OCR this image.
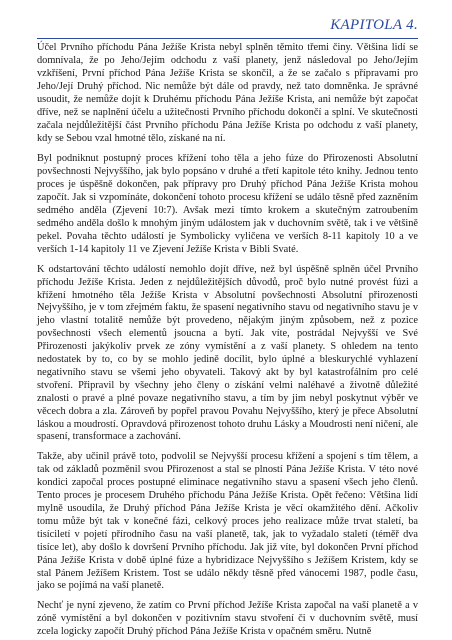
KAPITOLA 4.

Účel Prvního příchodu Pána Ježíše Krista nebyl splněn těmito třemi činy. Většina lidí se domnívala, že po Jeho/Jejím odchodu z vaší planety, jenž následoval po Jeho/Jejím vzkříšení, První příchod Pána Ježíše Krista se skončil, a že se začalo s přípravami pro Jeho/Její Druhý příchod. Nic nemůže být dále od pravdy, než tato domněnka. Je správné usoudit, že nemůže dojít k Druhému příchodu Pána Ježíše Krista, ani nemůže být započat dříve, než se naplnění účelu a užitečnosti Prvního příchodu dokončí a splní. Ve skutečnosti začala nejdůležitější část Prvního příchodu Pána Ježíše Krista po odchodu z vaší planety, kdy se Sebou vzal hmotné tělo, získané na ní.

Byl podniknut postupný proces křížení toho těla a jeho fúze do Přirozenosti Absolutní povšechnosti Nejvyššího, jak bylo popsáno v druhé a třetí kapitole této knihy. Jednou tento proces je úspěšně dokončen, pak přípravy pro Druhý příchod Pána Ježíše Krista mohou započít. Jak si vzpomínáte, dokončení tohoto procesu křížení se událo těsně před zazněním sedmého anděla (Zjevení 10:7). Avšak mezi tímto krokem a skutečným zatroubením sedmého anděla došlo k mnohým jiným událostem jak v duchovním světě, tak i ve většině pekel. Povaha těchto událostí je Symbolicky vyličena ve verších 8-11 kapitoly 10 a ve verších 1-14 kapitoly 11 ve Zjevení Ježíše Krista v Bibli Svaté.

K odstartování těchto událostí nemohlo dojít dříve, než byl úspěšně splněn účel Prvního příchodu Ježíše Krista. Jeden z nejdůležitějších důvodů, proč bylo nutné provést fúzi a křížení hmotného těla Ježíše Krista v Absolutní povšechnosti Absolutní přirozenosti Nejvyššího, je v tom zřejmém faktu, že spasení negativního stavu od negativního stavu je v jeho vlastní totalitě nemůže být provedeno, nějakým jiným způsobem, než z pozice povšechnosti všech elementů jsoucna a bytí. Jak víte, postrádal Nejvyšší ve Své Přirozenosti jakýkoliv prvek ze zóny vymístění a z vaší planety. S ohledem na tento nedostatek by to, co by se mohlo jedině docílit, bylo úplné a bleskurychlé vyhlazení negativního stavu se všemi jeho obyvateli. Takový akt by byl katastrofálním pro celé stvoření. Připravil by všechny jeho členy o získání velmi naléhavé a životně důležité znalosti o pravé a plné povaze negativního stavu, a tím by jim nebyl poskytnut výběr ve věcech dobra a zla. Zároveň by popřel pravou Povahu Nejvyššího, který je přece Absolutní láskou a moudrostí. Opravdová přirozenost tohoto druhu Lásky a Moudrosti není ničení, ale spasení, transformace a zachování.

Takže, aby učinil právě toto, podvolil se Nejvyšší procesu křížení a spojení s tím tělem, a tak od základů pozměnil svou Přirozenost a stal se plností Pána Ježíše Krista. V této nové kondici započal proces postupné eliminace negativního stavu a spasení všech jeho členů. Tento proces je procesem Druhého příchodu Pána Ježíše Krista. Opět řečeno: Většina lidí mylně usoudila, že Druhý příchod Pána Ježíše Krista je věcí okamžitého dění. Ačkoliv tomu může být tak v konečné fázi, celkový proces jeho realizace může trvat staletí, ba tisíciletí v pojetí přírodního času na vaší planetě, tak, jak to vyžadalo staletí (téměř dva tisíce let), aby došlo k dovršení Prvního příchodu. Jak již víte, byl dokončen První příchod Pána Ježíše Krista v době úplné fúze a hybridizace Nejvyššího s Ježíšem Kristem, kdy se stal Pánem Ježíšem Kristem. Tost se událo někdy těsně před vánocemi 1987, podle času, jako se pojímá na vaší planetě.

Nechť je nyní zjeveno, že zatím co První příchod Ježíše Krista započal na vaší planetě a v zóně vymístění a byl dokončen v pozitivním stavu stvoření či v duchovním světě, musí zcela logicky započít Druhý příchod Pána Ježíše Krista v opačném směru. Nutně
